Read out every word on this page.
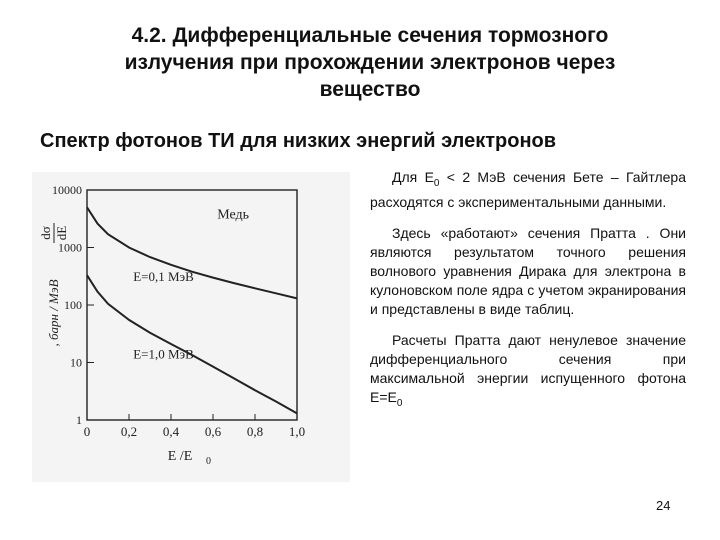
4.2. Дифференциальные сечения тормозного
излучения при прохождении электронов через
вещество
Спектр фотонов ТИ для низких энергий электронов
0 0,2 0,4 0,6 0,8 1,0
1
10
100
1000
10000
E=0,1 МэВ
E=1,0 МэВ
Медь
E /E 0
dσ dE
, барн / МэВ

Для $Е_0 < 2$ МэВ сечения Бете – Гайтлера расходятся с экспериментальными данными.

Здесь «работают» сечения Пратта . Они являются результатом точного решения волнового уравнения Дирака для электрона в кулоновском поле ядра с учетом экранирования и представлены в виде таблиц.

Расчеты Пратта дают ненулевое значение дифференциального сечения при максимальной энергии испущенного фотона $Е=Е_0$

24
